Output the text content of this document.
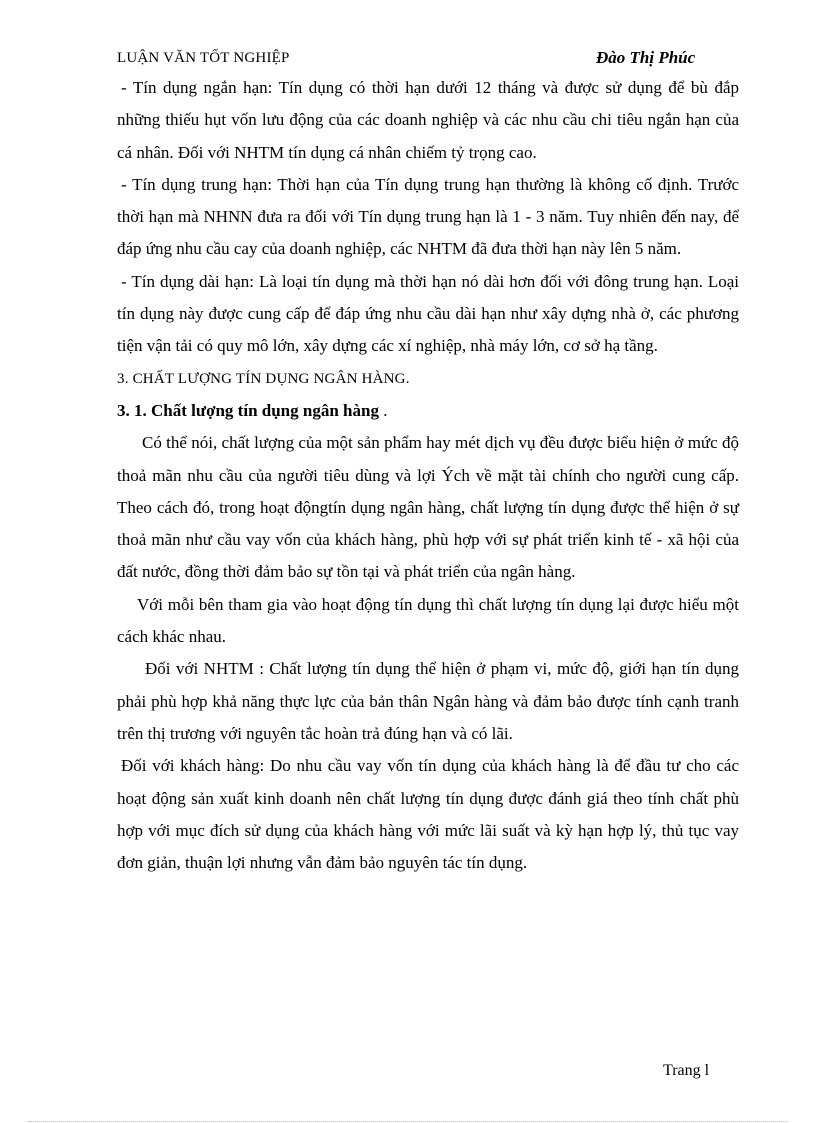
LUẬN VĂN TỐT NGHIỆP	Đào Thị Phúc

- Tín dụng ngắn hạn: Tín dụng có thời hạn dưới 12 tháng và được sử dụng để bù đắp những thiếu hụt vốn lưu động của các doanh nghiệp và các nhu cầu chi tiêu ngắn hạn của cá nhân. Đối với NHTM tín dụng cá nhân chiếm tỷ trọng cao.

- Tín dụng trung hạn: Thời hạn của Tín dụng trung hạn thường là không cố định. Trước thời hạn mà NHNN đưa ra đối với Tín dụng trung hạn là 1 - 3 năm. Tuy nhiên đến nay, để đáp ứng nhu cầu cay của doanh nghiệp, các NHTM đã đưa thời hạn này lên 5 năm.

- Tín dụng dài hạn: Là loại tín dụng mà thời hạn nó dài hơn đối với đông trung hạn. Loại tín dụng này được cung cấp để đáp ứng nhu cầu dài hạn như xây dựng nhà ở, các phương tiện vận tải có quy mô lớn, xây dựng các xí nghiệp, nhà máy lớn, cơ sở hạ tầng.

3. CHẤT LƯỢNG TÍN DỤNG NGÂN HÀNG.

3. 1. Chất lượng tín dụng ngân hàng .

Có thể nói, chất lượng của một sản phẩm hay mét dịch vụ đều được biểu hiện ở mức độ thoả mãn nhu cầu của người tiêu dùng và lợi Ých về mặt tài chính cho người cung cấp. Theo cách đó, trong hoạt độngtín dụng ngân hàng, chất lượng tín dụng được thể hiện ở sự thoả mãn như cầu vay vốn của khách hàng, phù hợp với sự phát triển kinh tế - xã hội của đất nước, đồng thời đảm bảo sự tồn tại và phát triển của ngân hàng.

Với mỗi bên tham gia vào hoạt động tín dụng thì chất lượng tín dụng lại được hiểu một cách khác nhau.

Đối với NHTM : Chất lượng tín dụng thể hiện ở phạm vi, mức độ, giới hạn tín dụng phải phù hợp khả năng thực lực của bản thân Ngân hàng và đảm bảo được tính cạnh tranh trên thị trương với nguyên tắc hoàn trả đúng hạn và có lãi.

Đối với khách hàng: Do nhu cầu vay vốn tín dụng của khách hàng là để đầu tư cho các hoạt động sản xuất kinh doanh nên chất lượng tín dụng được đánh giá theo tính chất phù hợp với mục đích sử dụng của khách hàng với mức lãi suất và kỳ hạn hợp lý, thủ tục vay đơn giản, thuận lợi nhưng vẫn đảm bảo nguyên tác tín dụng.

Trang l
